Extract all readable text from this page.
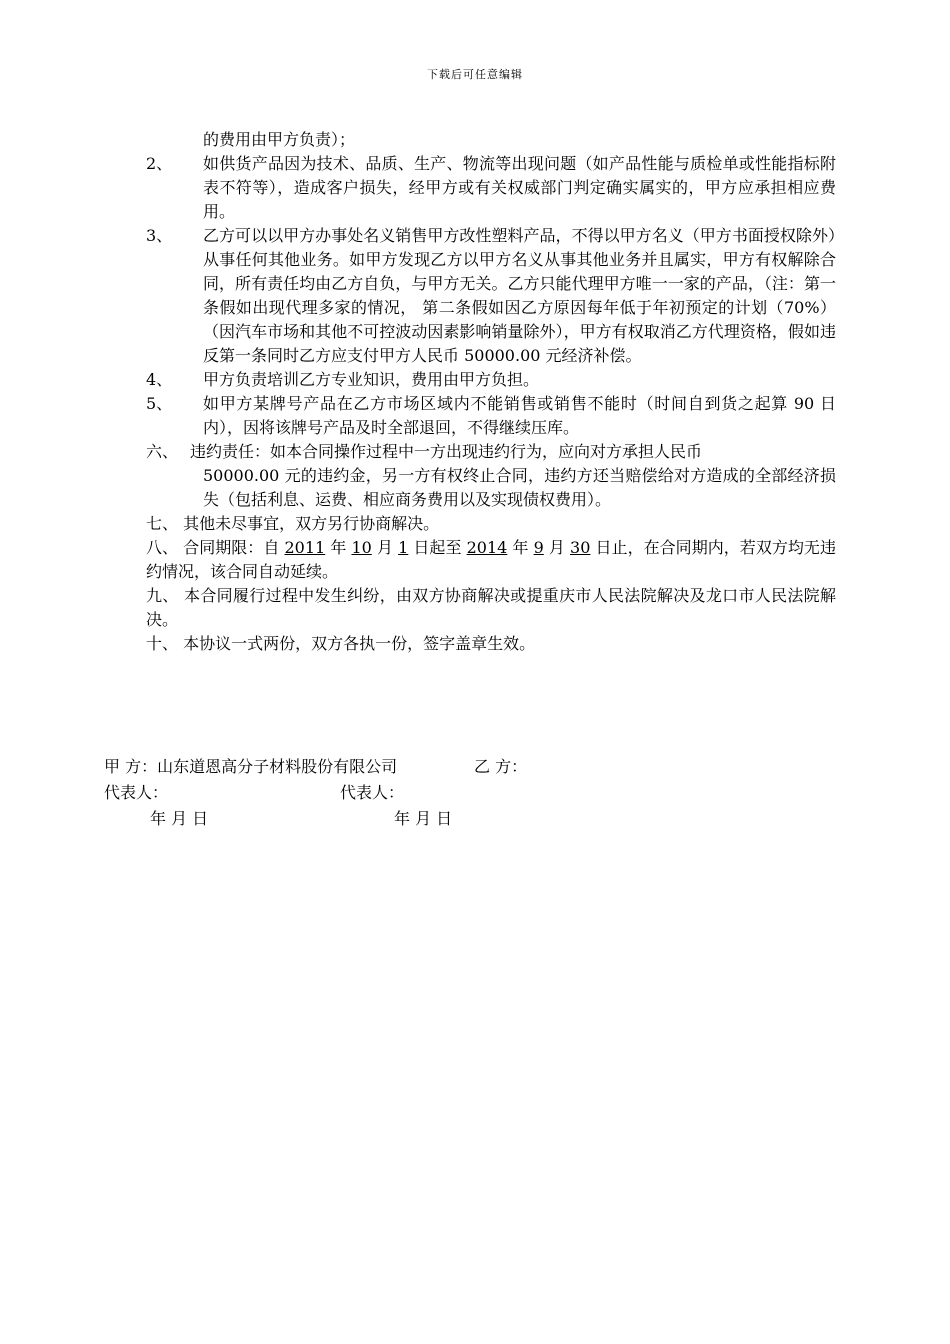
下载后可任意编辑
的费用由甲方负责）；
2、	如供货产品因为技术、品质、生产、物流等出现问题（如产品性能与质检单或性能指标附表不符等），造成客户损失，经甲方或有关权威部门判定确实属实的，甲方应承担相应费用。
3、	乙方可以以甲方办事处名义销售甲方改性塑料产品，不得以甲方名义（甲方书面授权除外）从事任何其他业务。如甲方发现乙方以甲方名义从事其他业务并且属实，甲方有权解除合同，所有责任均由乙方自负，与甲方无关。乙方只能代理甲方唯一一家的产品，（注：第一条假如出现代理多家的情况， 第二条假如因乙方原因每年低于年初预定的计划（70%）（因汽车市场和其他不可控波动因素影响销量除外），甲方有权取消乙方代理资格，假如违反第一条同时乙方应支付甲方人民币 50000.00 元经济补偿。
4、	甲方负责培训乙方专业知识，费用由甲方负担。
5、	如甲方某牌号产品在乙方市场区域内不能销售或销售不能时（时间自到货之起算 90 日内），因将该牌号产品及时全部退回，不得继续压库。
六、 违约责任：如本合同操作过程中一方出现违约行为，应向对方承担人民币
50000.00 元的违约金，另一方有权终止合同，违约方还当赔偿给对方造成的全部经济损失（包括利息、运费、相应商务费用以及实现债权费用）。
七、 其他未尽事宜，双方另行协商解决。
八、 合同期限：自 2011 年 10 月 1 日起至 2014 年 9 月 30 日止，在合同期内，若双方均无违约情况，该合同自动延续。
九、 本合同履行过程中发生纠纷，由双方协商解决或提重庆市人民法院解决及龙口市人民法院解决。
十、 本协议一式两份，双方各执一份，签字盖章生效。
甲 方：山东道恩高分子材料股份有限公司	乙 方：
代表人：	代表人：
年 月 日	年 月 日
